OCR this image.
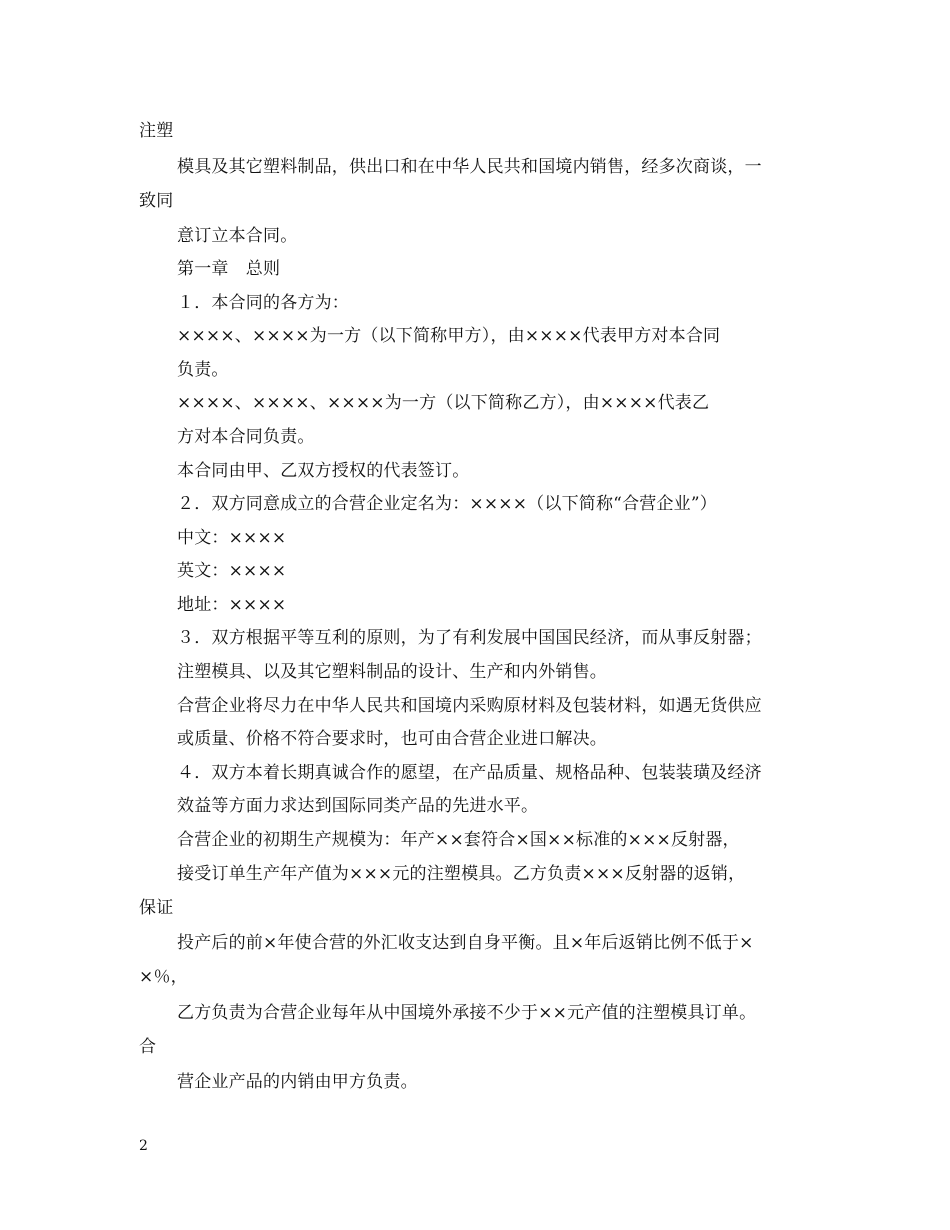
注塑
模具及其它塑料制品，供出口和在中华人民共和国境内销售，经多次商谈，一
致同
意订立本合同。
第一章　总则
１．本合同的各方为：
××××、××××为一方（以下简称甲方），由××××代表甲方对本合同
负责。
××××、××××、××××为一方（以下简称乙方），由××××代表乙
方对本合同负责。
本合同由甲、乙双方授权的代表签订。
２．双方同意成立的合营企业定名为：××××（以下简称“合营企业”）
中文：××××
英文：××××
地址：××××
３．双方根据平等互利的原则，为了有利发展中国国民经济，而从事反射器；
注塑模具、以及其它塑料制品的设计、生产和内外销售。
合营企业将尽力在中华人民共和国境内采购原材料及包装材料，如遇无货供应
或质量、价格不符合要求时，也可由合营企业进口解决。
４．双方本着长期真诚合作的愿望，在产品质量、规格品种、包装装璜及经济
效益等方面力求达到国际同类产品的先进水平。
合营企业的初期生产规模为：年产××套符合×国××标准的×××反射器，
接受订单生产年产值为×××元的注塑模具。乙方负责×××反射器的返销，
保证
投产后的前×年使合营的外汇收支达到自身平衡。且×年后返销比例不低于×
×％，
乙方负责为合营企业每年从中国境外承接不少于××元产值的注塑模具订单。
合
营企业产品的内销由甲方负责。
2
